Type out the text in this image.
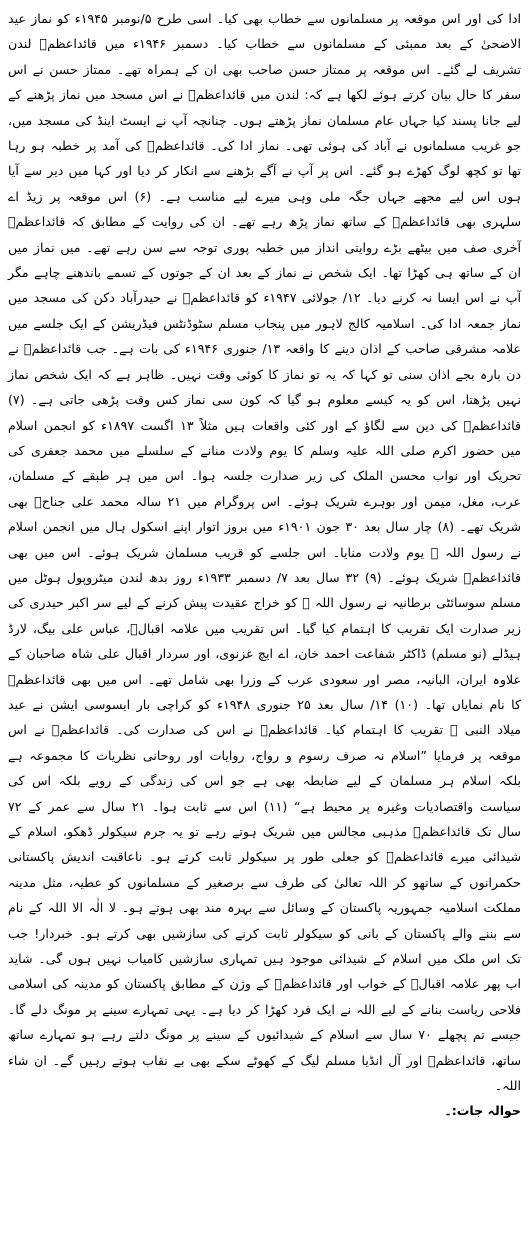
ادا کی اور اس موقعہ پر مسلمانوں سے خطاب بھی کیا۔ اسی طرح ۵/نومبر ۱۹۴۵ء کو نماز عید الاضحیٰ کے بعد ممبئی کے مسلمانوں سے خطاب کیا۔ دسمبر ۱۹۴۶ء میں قائداعظمؒ لندن تشریف لے گئے۔ اس موقعہ پر ممتاز حسن صاحب بھی ان کے ہمراہ تھے۔ ممتاز حسن نے اس سفر کا حال بیان کرتے ہوئے لکھا ہے کہ: لندن میں قائداعظمؒ نے اس مسجد میں نماز پڑھنے کے لیے جانا پسند کیا جہاں عام مسلمان نماز پڑھتے ہوں۔ چنانچہ آپ نے ایسٹ اینڈ کی مسجد میں، جو غریب مسلمانوں نے آباد کی ہوئی تھی۔ نماز ادا کی۔ قائداعظمؒ کی آمد پر خطبہ ہو رہا تھا تو کچھ لوگ کھڑے ہو گئے۔ اس پر آپ نے آگے بڑھنے سے انکار کر دیا اور کہا میں دیر سے آیا ہوں اس لیے مجھے جہاں جگہ ملی وہی میرے لیے مناسب ہے۔ (۶) اس موقعہ پر زیڈ اے سلہری بھی قائداعظمؒ کے ساتھ نماز پڑھ رہے تھے۔ ان کی روایت کے مطابق کہ قائداعظمؒ آخری صف میں بیٹھے بڑے روایتی انداز میں خطبہ پوری توجہ سے سن رہے تھے۔ میں نماز میں ان کے ساتھ ہی کھڑا تھا۔ ایک شخص نے نماز کے بعد ان کے جوتوں کے تسمے باندھنے چاہے مگر آپ نے اس ایسا نہ کرنے دیا۔ ۱۲/ جولائی ۱۹۴۷ء کو قائداعظمؒ نے حیدرآباد دکن کی مسجد میں نماز جمعہ ادا کی۔ اسلامیہ کالج لاہور میں پنجاب مسلم سٹوڈنٹس فیڈریشن کے ایک جلسے میں علامہ مشرقی صاحب کے اذان دینے کا واقعہ ۱۳/ جنوری ۱۹۴۶ء کی بات ہے۔ جب قائداعظمؒ نے دن بارہ بجے اذان سنی تو کہا کہ یہ تو نماز کا کوئی وقت نہیں۔ ظاہر ہے کہ ایک شخص نماز نہیں پڑھتا، اس کو یہ کیسے معلوم ہو گیا کہ کون سی نماز کس وقت پڑھی جاتی ہے۔ (۷) قائداعظمؒ کی دین سے لگاؤ کے اور کئی واقعات ہیں مثلاً ۱۳ اگست ۱۸۹۷ء کو انجمن اسلام میں حضور اکرم صلی اللہ علیہ وسلم کا یوم ولادت منانے کے سلسلے میں محمد جعفری کی تحریک اور نواب محسن الملک کی زیر صدارت جلسہ ہوا۔ اس میں ہر طبقے کے مسلمان، عرب، مغل، میمن اور بوہرے شریک ہوئے۔ اس پروگرام میں ۲۱ سالہ محمد علی جناحؒ بھی شریک تھے۔ (۸) چار سال بعد ۳۰ جون ۱۹۰۱ء میں بروز اتوار اپنے اسکول ہال میں انجمن اسلام نے رسول اللہ ﷺ یوم ولادت منایا۔ اس جلسے کو قریب مسلمان شریک ہوئے۔ اس میں بھی قائداعظمؒ شریک ہوئے۔ (۹) ۳۲ سال بعد ۷/ دسمبر ۱۹۳۳ء روز بدھ لندن میٹروپول ہوٹل میں مسلم سوسائٹی برطانیہ نے رسول اللہ ﷺ کو خراج عقیدت پیش کرنے کے لیے سر اکبر حیدری کی زیر صدارت ایک تقریب کا اہتمام کیا گیا۔ اس تقریب میں علامہ اقبالؒ، عباس علی بیگ، لارڈ ہیڈلے (نو مسلم) ڈاکٹر شفاعت احمد خان، اے ایچ غزنوی، اور سردار اقبال علی شاہ صاحبان کے علاوہ ایران، البانیہ، مصر اور سعودی عرب کے وزرا بھی شامل تھے۔ اس میں بھی قائداعظمؒ کا نام نمایاں تھا۔ (۱۰) ۱۴/ سال بعد ۲۵ جنوری ۱۹۴۸ء کو کراچی بار ایسوسی ایشن نے عید میلاد النبی ﷺ تقریب کا اہتمام کیا۔ قائداعظمؒ نے اس کی صدارت کی۔ قائداعظمؒ نے اس موقعہ پر فرمایا ”اسلام نہ صرف رسوم و رواج، روایات اور روحانی نظریات کا مجموعہ ہے بلکہ اسلام ہر مسلمان کے لیے ضابطہ بھی ہے جو اس کی زندگی کے رویے بلکہ اس کی سیاست واقتصادیات وغیرہ پر محیط ہے“ (۱۱) اس سے ثابت ہوا۔ ۲۱ سال سے عمر کے ۷۲ سال تک قائداعظمؒ مذہبی مجالس میں شریک ہوتے رہے تو یہ جرم سیکولر ڈھکو، اسلام کے شیدائی میرے قائداعظمؒ کو جعلی طور پر سیکولر ثابت کرتے ہو۔ ناعاقبت اندیش پاکستانی حکمرانوں کے ساتھو کر اللہ تعالیٰ کی طرف سے برصغیر کے مسلمانوں کو عطیہ، مثل مدینہ مملکت اسلامیہ جمہوریہ پاکستان کے وسائل سے بہرہ مند بھی ہوتے ہو۔ لا الٰہ الا اللہ کے نام سے بننے والے پاکستان کے بانی کو سیکولر ثابت کرنے کی سازشیں بھی کرتے ہو۔ خبردار! جب تک اس ملک میں اسلام کے شیدائی موجود ہیں تمہاری سازشیں کامیاب نہیں ہوں گی۔ شاید اب پھر علامہ اقبالؒ کے خواب اور قائداعظمؒ کے وژن کے مطابق پاکستان کو مدینہ کی اسلامی فلاحی ریاست بنانے کے لیے اللہ نے ایک فرد کھڑا کر دیا ہے۔ یہی تمہارے سینے پر مونگ دلے گا۔ جیسے تم پچھلے ۷۰ سال سے اسلام کے شیدائیوں کے سینے پر مونگ دلتے رہے ہو تمہارے ساتھ ساتھ، قائداعظمؒ اور آل انڈیا مسلم لیگ کے کھوٹے سکے بھی بے نقاب ہوتے رہیں گے۔ ان شاء اللہ۔

حوالہ جات:۔
